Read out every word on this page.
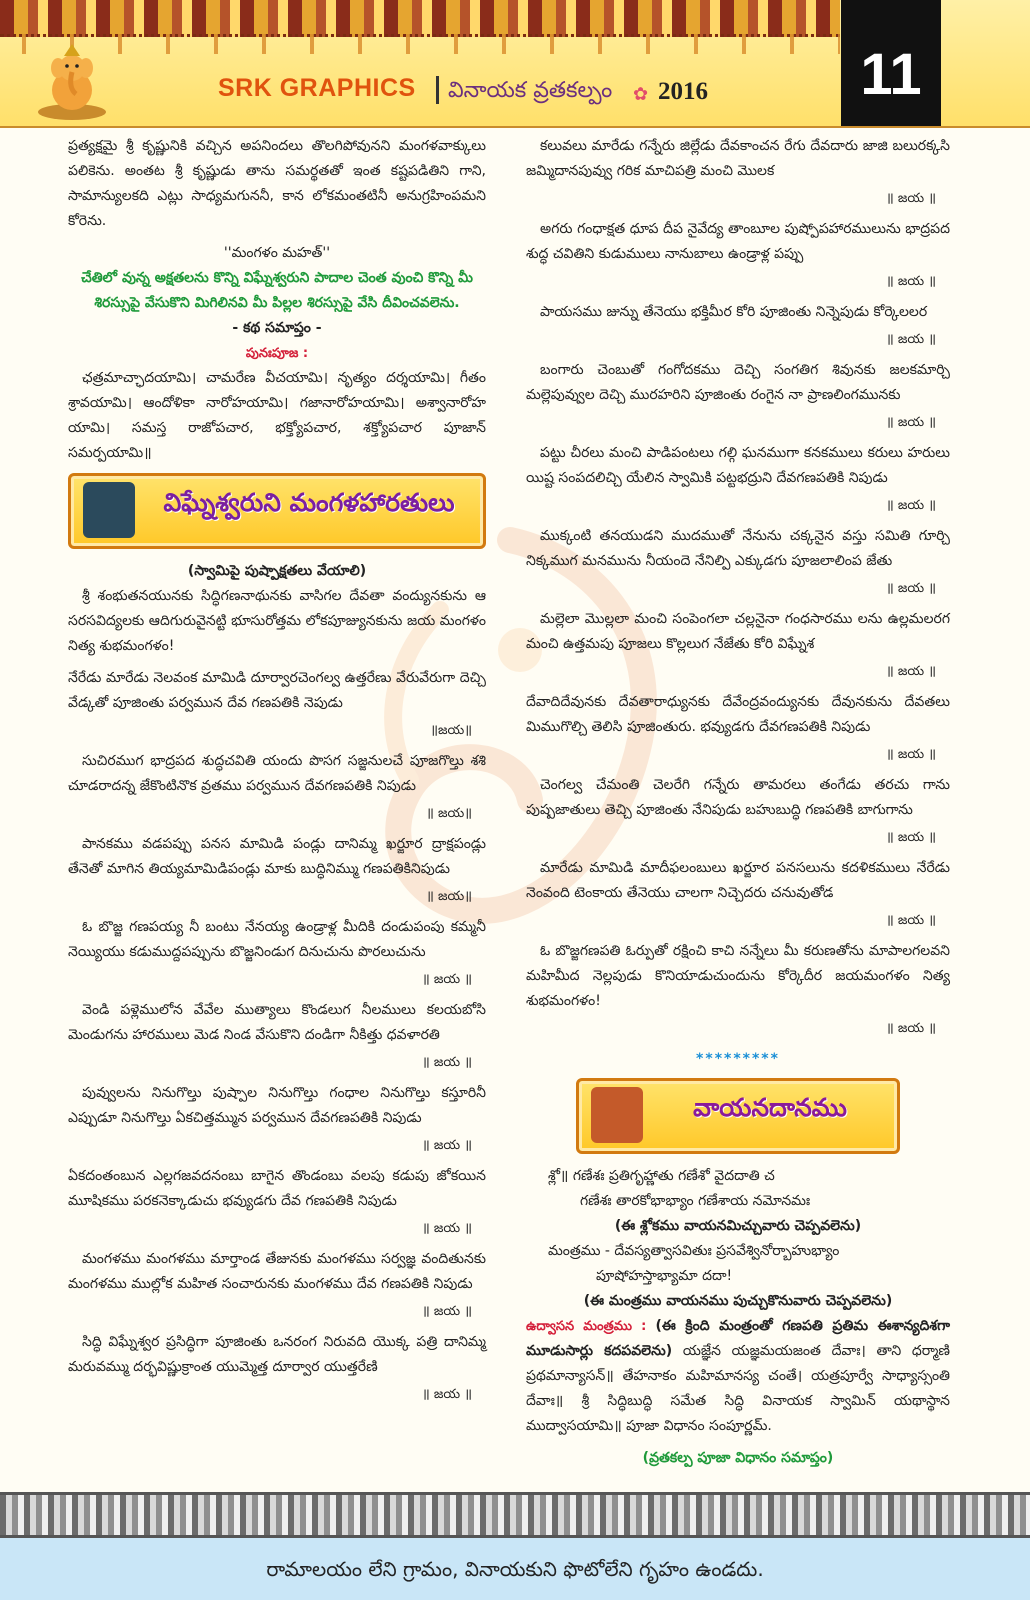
SRK GRAPHICS వినాయక వ్రతకల్పం ✿ 2016	11

ప్రత్యక్షమై శ్రీ కృష్ణునికి వచ్చిన అపనిందలు తొలగిపోవునని మంగళవాక్కులు పలికెను. అంతట శ్రీ కృష్ణుడు తాను సమర్థతతో ఇంత కష్టపడితిని గాని, సామాన్యులకది ఎట్లు సాధ్యమగుననీ, కాన లోకమంతటినీ అనుగ్రహింపమని కోరెను.

''మంగళం మహత్''
చేతిలో వున్న అక్షతలను కొన్ని విఘ్నేశ్వరుని పాదాల చెంత వుంచి కొన్ని మీ శిరస్సుపై వేసుకొని మిగిలినవి మీ పిల్లల శిరస్సుపై వేసి దీవించవలెను.
- కథ సమాప్తం -
పునఃపూజ :

ఛత్రమాచ్ఛాదయామి। చామరేణ వీచయామి। నృత్యం దర్శయామి। గీతం శ్రావయామి। ఆందోళికా నారోహయామి। గజానారోహయామి। అశ్వానారోహ యామి। సమస్త రాజోపచార, భక్త్యోపచార, శక్త్యోపచార పూజాన్ సమర్పయామి॥

విఘ్నేశ్వరుని మంగళహారతులు
(స్వామిపై పుష్పాక్షతలు వేయాలి)

శ్రీ శంభుతనయునకు సిద్ధిగణనాథునకు వాసిగల దేవతా వంద్యునకును ఆ సరసవిద్యలకు ఆదిగురువైనట్టి భూసురోత్తమ లోకపూజ్యునకును జయ మంగళం నిత్య శుభమంగళం!

నేరేడు మారేడు నెలవంక మామిడి దూర్వారచెంగల్వ ఉత్తరేణు వేరువేరుగా దెచ్చి వేడ్కతో పూజింతు పర్వమున దేవ గణపతికి నెపుడు

॥జయ॥

సుచిరముగ భాద్రపద శుద్ధచవితి యందు పొసగ సజ్జనులచే పూజగొల్తు శశి చూడరాదన్న జేకొంటినొక వ్రతము పర్వమున దేవగణపతికి నిపుడు

॥ జయ॥

పానకము వడపప్పు పనస మామిడి పండ్లు దానిమ్మ ఖర్జూర ద్రాక్షపండ్లు తేనెతో మాగిన తియ్యమామిడిపండ్లు మాకు బుద్ధినిమ్ము గణపతికినిపుడు

॥ జయ॥

ఓ బొజ్జ గణపయ్య నీ బంటు నేనయ్య ఉండ్రాళ్ల మీదికి దండుపంపు కమ్మనీ నెయ్యియు కడుముద్దపప్పును బొజ్జనిండుగ దినుచును పొరలుచును

॥ జయ ॥

వెండి పళ్లెములోన వేవేల ముత్యాలు కొండలుగ నీలములు కలయబోసి మెండుగను హారములు మెడ నిండ వేసుకొని దండిగా నీకిత్తు ధవళారతి

॥ జయ ॥

పువ్వులను నినుగొల్తు పుష్పాల నినుగొల్తు గంధాల నినుగొల్తు కస్తూరినీ ఎప్పుడూ నినుగొల్తు ఏకచిత్తమ్మున పర్వమున దేవగణపతికి నిపుడు

॥ జయ ॥

ఏకదంతంబున ఎల్లగజవదనంబు బాగైన తొండంబు వలపు కడుపు జోకయిన మూషికము పరకనెక్కాడుచు భవ్యుడగు దేవ గణపతికి నిపుడు

॥ జయ ॥

మంగళము మంగళము మార్తాండ తేజునకు మంగళము సర్వజ్ఞ వందితునకు మంగళము ముల్లోక మహిత సంచారునకు మంగళము దేవ గణపతికి నిపుడు

॥ జయ ॥

సిద్ధి విఘ్నేశ్వర ప్రసిద్ధిగా పూజింతు ఒనరంగ నిరువది యొక్క పత్రి దానిమ్మ మరువమ్ము దర్భవిష్ణుక్రాంత యుమ్మెత్త దూర్వార యుత్తరేణి

॥ జయ ॥

కలువలు మారేడు గన్నేరు జిల్లేడు దేవకాంచన రేగు దేవదారు జాజి బలురక్కసి జమ్మిదానపువ్వు గరిక మాచిపత్రి మంచి మొలక

॥ జయ ॥

అగరు గంధాక్షత ధూప దీప నైవేద్య తాంబూల పుష్పోపహారములును భాద్రపద శుద్ధ చవితిని కుడుములు నానుబాలు ఉండ్రాళ్ల పప్పు

॥ జయ ॥

పాయసము జున్ను తేనెయు భక్తిమీర కోరి పూజింతు నిన్నెపుడు కోర్కెలలర

॥ జయ ॥

బంగారు చెంబుతో గంగోదకము దెచ్చి సంగతిగ శివునకు జలకమార్చి మల్లెపువ్వుల దెచ్చి మురహరిని పూజింతు రంగైన నా ప్రాణలింగమునకు

॥ జయ ॥

పట్టు చీరలు మంచి పాడిపంటలు గల్గి ఘనముగా కనకములు కరులు హరులు యిష్ట సంపదలిచ్చి యేలిన స్వామికి పట్టభద్రుని దేవగణపతికి నిపుడు

॥ జయ ॥

ముక్కంటి తనయుడని ముదముతో నేనును చక్కనైన వస్తు సమితి గూర్చి నిక్కముగ మనమును నీయందె నేనిల్పి ఎక్కుడగు పూజలాలింప జేతు

॥ జయ ॥

మల్లెలా మొల్లలా మంచి సంపెంగలా చల్లనైనా గంధసారము లను ఉల్లమలరగ మంచి ఉత్తమపు పూజలు కొల్లలుగ నేజేతు కోరి విఘ్నేశ

॥ జయ ॥

దేవాదిదేవునకు దేవతారాధ్యునకు దేవేంద్రవంద్యునకు దేవునకును దేవతలు మిముగొల్చి తెలిసి పూజింతురు. భవ్యుడగు దేవగణపతికి నిపుడు

॥ జయ ॥

చెంగల్వ చేమంతి చెలరేగి గన్నేరు తామరలు తంగేడు తరచు గాను పుష్పజాతులు తెచ్చి పూజింతు నేనిపుడు బహుబుద్ధి గణపతికి బాగుగాను

॥ జయ ॥

మారేడు మామిడి మాదీఫలంబులు ఖర్జూర పనసలును కదళికములు నేరేడు నెంవంది టెంకాయ తేనెయు చాలగా నిచ్చెదరు చనువుతోడ

॥ జయ ॥

ఓ బొజ్జగణపతి ఓర్పుతో రక్షించి కాచి నన్నేలు మీ కరుణతోను మాపాలగలవని మహిమీద నెల్లపుడు కొనియాడుచుందును కోర్కెదీర జయమంగళం నిత్య శుభమంగళం!

॥ జయ ॥
*********
వాయనదానము
శ్లో॥ గణేశః ప్రతిగృహ్ణాతు గణేశో వైదదాతి చ
గణేశః తారకోభాభ్యాం గణేశాయ నమోనమః
(ఈ శ్లోకము వాయనమిచ్చువారు చెప్పవలెను)
మంత్రము - దేవస్యత్వాసవితుః ప్రసవేశ్వినోర్బాహుభ్యాం
పూషోహస్తాభ్యామా దదా!
(ఈ మంత్రము వాయనము పుచ్చుకొనువారు చెప్పవలెను)

ఉద్వాసన మంత్రము : (ఈ క్రింది మంత్రంతో గణపతి ప్రతిమ ఈశాన్యదిశగా మూడుసార్లు కదపవలెను) యజ్ఞేన యజ్ఞమయజంత దేవాః। తాని ధర్మాణి ప్రథమాన్యాసన్॥ తేహనాకం మహిమానస్య చంతే। యత్రపూర్వే సాధ్యాస్సంతి దేవాః॥ శ్రీ సిద్ధిబుద్ధి సమేత సిద్ధి వినాయక స్వామిన్ యథాస్థాన ముద్వాసయామి॥ పూజా విధానం సంపూర్ణమ్.

(వ్రతకల్ప పూజా విధానం సమాప్తం)
రామాలయం లేని గ్రామం, వినాయకుని ఫొటోలేని గృహం ఉండదు.
